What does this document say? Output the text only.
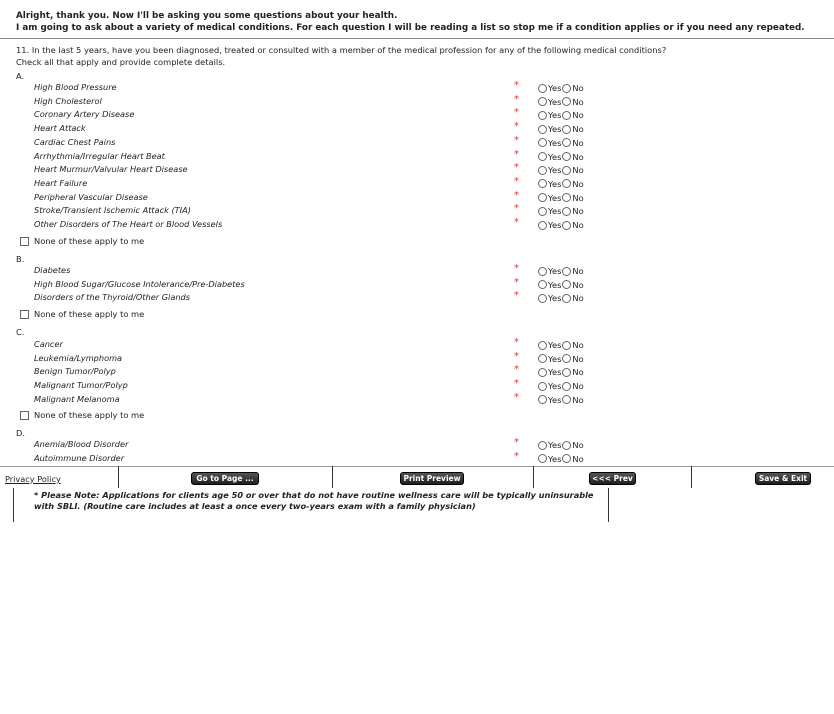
Alright, thank you. Now I'll be asking you some questions about your health.
I am going to ask about a variety of medical conditions. For each question I will be reading a list so stop me if a condition applies or if you need any repeated.
11. In the last 5 years, have you been diagnosed, treated or consulted with a member of the medical profession for any of the following medical conditions?
Check all that apply and provide complete details.
A.
High Blood Pressure	*	Yes No
High Cholesterol	*	Yes No
Coronary Artery Disease	*	Yes No
Heart Attack	*	Yes No
Cardiac Chest Pains	*	Yes No
Arrhythmia/Irregular Heart Beat	*	Yes No
Heart Murmur/Valvular Heart Disease	*	Yes No
Heart Failure	*	Yes No
Peripheral Vascular Disease	*	Yes No
Stroke/Transient Ischemic Attack (TIA)	*	Yes No
Other Disorders of The Heart or Blood Vessels	*	Yes No
None of these apply to me
B.
Diabetes	*	Yes No
High Blood Sugar/Glucose Intolerance/Pre-Diabetes	*	Yes No
Disorders of the Thyroid/Other Glands	*	Yes No
None of these apply to me
C.
Cancer	*	Yes No
Leukemia/Lymphoma	*	Yes No
Benign Tumor/Polyp	*	Yes No
Malignant Tumor/Polyp	*	Yes No
Malignant Melanoma	*	Yes No
None of these apply to me
D.
Anemia/Blood Disorder	*	Yes No
Autoimmune Disorder	*	Yes No
Privacy Policy	Go to Page ...	Print Preview	<<< Prev	Save & Exit
* Please Note: Applications for clients age 50 or over that do not have routine wellness care will be typically uninsurable with SBLI. (Routine care includes at least a once every two-years exam with a family physician)
